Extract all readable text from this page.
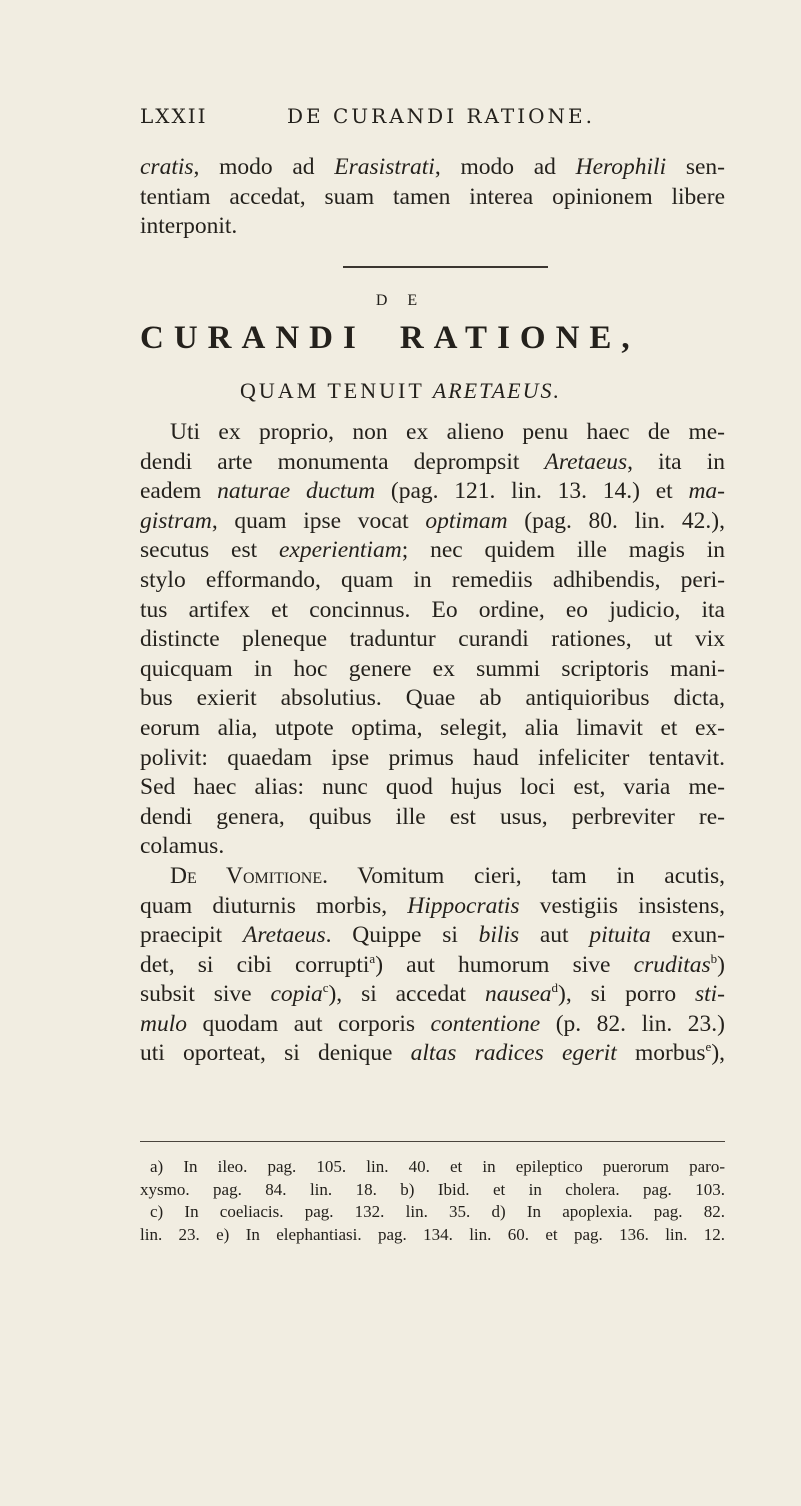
LXXII	DE CURANDI RATIONE.
cratis, modo ad Erasistrati, modo ad Herophili sen-
tentiam accedat, suam tamen interea opinionem libere
interponit.
D E
CURANDI RATIONE,
QUAM TENUIT ARETAEUS.
Uti ex proprio, non ex alieno penu haec de me-
dendi arte monumenta deprompsit Aretaeus, ita in
eadem naturae ductum (pag. 121. lin. 13. 14.) et ma-
gistram, quam ipse vocat optimam (pag. 80. lin. 42.),
secutus est experientiam; nec quidem ille magis in
stylo efformando, quam in remediis adhibendis, peri-
tus artifex et concinnus. Eo ordine, eo judicio, ita
distincte pleneque traduntur curandi rationes, ut vix
quicquam in hoc genere ex summi scriptoris mani-
bus exierit absolutius. Quae ab antiquioribus dicta,
eorum alia, utpote optima, selegit, alia limavit et ex-
polivit: quaedam ipse primus haud infeliciter tentavit.
Sed haec alias: nunc quod hujus loci est, varia me-
dendi genera, quibus ille est usus, perbreviter re-
colamus.
De Vomitione. Vomitum cieri, tam in acutis,
quam diuturnis morbis, Hippocratis vestigiis insistens,
praecipit Aretaeus. Quippe si bilis aut pituita exun-
det, si cibi corrupti$^a$) aut humorum sive cruditas$^b$)
subsit sive copia$^c$), si accedat nausea$^d$), si porro sti-
mulo quodam aut corporis contentione (p. 82. lin. 23.)
uti oporteat, si denique altas radices egerit morbus$^e$),
a) In ileo. pag. 105. lin. 40. et in epileptico puerorum paro-
xysmo. pag. 84. lin. 18. b) Ibid. et in cholera. pag. 103.
c) In coeliacis. pag. 132. lin. 35. d) In apoplexia. pag. 82.
lin. 23. e) In elephantiasi. pag. 134. lin. 60. et pag. 136. lin. 12.
